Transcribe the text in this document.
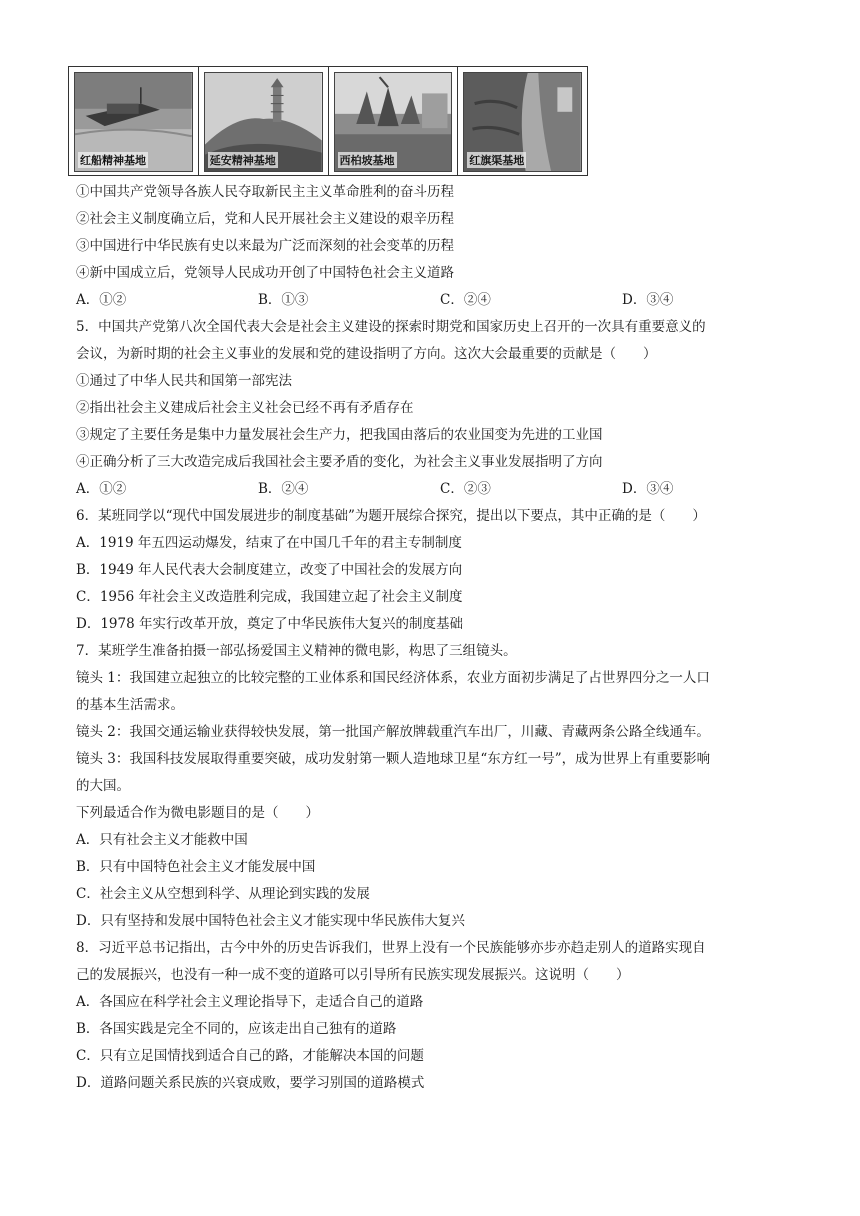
红船精神基地	延安精神基地	西柏坡基地	红旗渠基地
①中国共产党领导各族人民夺取新民主主义革命胜利的奋斗历程
②社会主义制度确立后，党和人民开展社会主义建设的艰辛历程
③中国进行中华民族有史以来最为广泛而深刻的社会变革的历程
④新中国成立后，党领导人民成功开创了中国特色社会主义道路
A．①②	B．①③	C．②④	D．③④
5．中国共产党第八次全国代表大会是社会主义建设的探索时期党和国家历史上召开的一次具有重要意义的
会议，为新时期的社会主义事业的发展和党的建设指明了方向。这次大会最重要的贡献是（　　）
①通过了中华人民共和国第一部宪法
②指出社会主义建成后社会主义社会已经不再有矛盾存在
③规定了主要任务是集中力量发展社会生产力，把我国由落后的农业国变为先进的工业国
④正确分析了三大改造完成后我国社会主要矛盾的变化，为社会主义事业发展指明了方向
A．①②	B．②④	C．②③	D．③④
6．某班同学以“现代中国发展进步的制度基础”为题开展综合探究，提出以下要点，其中正确的是（　　）
A．1919 年五四运动爆发，结束了在中国几千年的君主专制制度
B．1949 年人民代表大会制度建立，改变了中国社会的发展方向
C．1956 年社会主义改造胜利完成，我国建立起了社会主义制度
D．1978 年实行改革开放，奠定了中华民族伟大复兴的制度基础
7．某班学生准备拍摄一部弘扬爱国主义精神的微电影，构思了三组镜头。
镜头 1：我国建立起独立的比较完整的工业体系和国民经济体系，农业方面初步满足了占世界四分之一人口
的基本生活需求。
镜头 2：我国交通运输业获得较快发展，第一批国产解放牌载重汽车出厂，川藏、青藏两条公路全线通车。
镜头 3：我国科技发展取得重要突破，成功发射第一颗人造地球卫星“东方红一号”，成为世界上有重要影响
的大国。
下列最适合作为微电影题目的是（　　）
A．只有社会主义才能救中国
B．只有中国特色社会主义才能发展中国
C．社会主义从空想到科学、从理论到实践的发展
D．只有坚持和发展中国特色社会主义才能实现中华民族伟大复兴
8．习近平总书记指出，古今中外的历史告诉我们，世界上没有一个民族能够亦步亦趋走别人的道路实现自
己的发展振兴，也没有一种一成不变的道路可以引导所有民族实现发展振兴。这说明（　　）
A．各国应在科学社会主义理论指导下，走适合自己的道路
B．各国实践是完全不同的，应该走出自己独有的道路
C．只有立足国情找到适合自己的路，才能解决本国的问题
D．道路问题关系民族的兴衰成败，要学习别国的道路模式
